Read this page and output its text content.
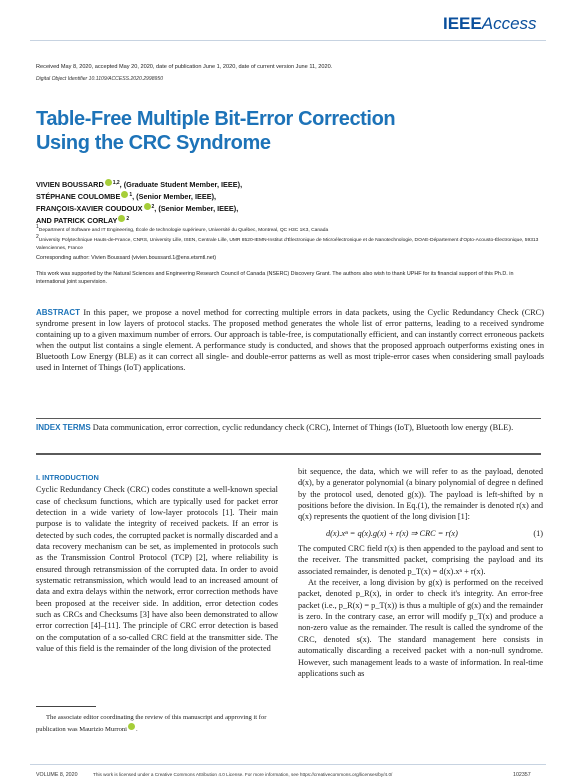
IEEEAccess
Received May 8, 2020, accepted May 20, 2020, date of publication June 1, 2020, date of current version June 11, 2020.
Digital Object Identifier 10.1109/ACCESS.2020.2998950
Table-Free Multiple Bit-Error Correction
Using the CRC Syndrome
VIVIEN BOUSSARD $^{1,2}$, (Graduate Student Member, IEEE),
STÉPHANE COULOMBE $^1$, (Senior Member, IEEE),
FRANÇOIS-XAVIER COUDOUX $^2$, (Senior Member, IEEE),
AND PATRICK CORLAY $^2$
1Department of Software and IT Engineering, École de technologie supérieure, Université du Québec, Montreal, QC H3C 1K3, Canada
2University Polytechnique Hauts-de-France, CNRS, University Lille, ISEN, Centrale Lille, UMR 8520-IEMN-Institut d'Électronique de Microélectronique et de Nanotechnologie, DOAE-Département d'Opto-Acousto-Électronique, 59313 Valenciennes, France
Corresponding author: Vivien Boussard (vivien.boussard.1@ens.etsmtl.net)
This work was supported by the Natural Sciences and Engineering Research Council of Canada (NSERC) Discovery Grant. The authors also wish to thank UPHF for its financial support of this Ph.D. in international joint supervision.
ABSTRACT In this paper, we propose a novel method for correcting multiple errors in data packets, using the Cyclic Redundancy Check (CRC) syndrome present in low layers of protocol stacks. The proposed method generates the whole list of error patterns, leading to a received syndrome containing up to a given maximum number of errors. Our approach is table-free, is computationally efficient, and can instantly correct erroneous packets when the output list contains a single element. A performance study is conducted, and shows that the proposed approach outperforms existing ones in Bluetooth Low Energy (BLE) as it can correct all single- and double-error patterns as well as most triple-error cases when considering small payloads used in Internet of Things (IoT) applications.
INDEX TERMS Data communication, error correction, cyclic redundancy check (CRC), Internet of Things (IoT), Bluetooth low energy (BLE).
I. INTRODUCTION
Cyclic Redundancy Check (CRC) codes constitute a well-known special case of checksum functions, which are typically used for packet error detection in a wide variety of low-layer protocols [1]. Their main purpose is to validate the integrity of received packets. If an error is detected by such codes, the corrupted packet is normally discarded and a data recovery mechanism can be set, as implemented in protocols such as the Transmission Control Protocol (TCP) [2], where reliability is ensured through retransmission of the corrupted data. In order to avoid systematic retransmission, which would lead to an increased amount of data and extra delays within the network, error correction methods have been proposed at the receiver side. In addition, error detection codes such as CRCs and Checksums [3] have also been demonstrated to allow error correction [4]–[11]. The principle of CRC error detection is based on the computation of a so-called CRC field at the transmitter side. The value of this field is the remainder of the long division of the protected

bit sequence, the data, which we will refer to as the payload, denoted d(x), by a generator polynomial (a binary polynomial of degree n defined by the protocol used, denoted g(x)). The payload is left-shifted by n positions before the division. In Eq.(1), the remainder is denoted r(x) and q(x) represents the quotient of the long division [1]:

d(x).xⁿ = q(x).g(x) + r(x) ⇒ CRC = r(x)	(1)

The computed CRC field r(x) is then appended to the payload and sent to the receiver. The transmitted packet, comprising the payload and its associated remainder, is denoted p_T(x) = d(x).xⁿ + r(x).

At the receiver, a long division by g(x) is performed on the received packet, denoted p_R(x), in order to check it's integrity. An error-free packet (i.e., p_R(x) = p_T(x)) is thus a multiple of g(x) and the remainder is zero. In the contrary case, an error will modify p_T(x) and produce a non-zero value as the remainder. The result is called the syndrome of the CRC, denoted s(x). The standard management here consists in automatically discarding a received packet with a non-null syndrome. However, such management leads to a waste of information. In real-time applications such as

The associate editor coordinating the review of this manuscript and approving it for publication was Maurizio Murroni .
VOLUME 8, 2020	This work is licensed under a Creative Commons Attribution 4.0 License. For more information, see https://creativecommons.org/licenses/by/4.0/	102357
